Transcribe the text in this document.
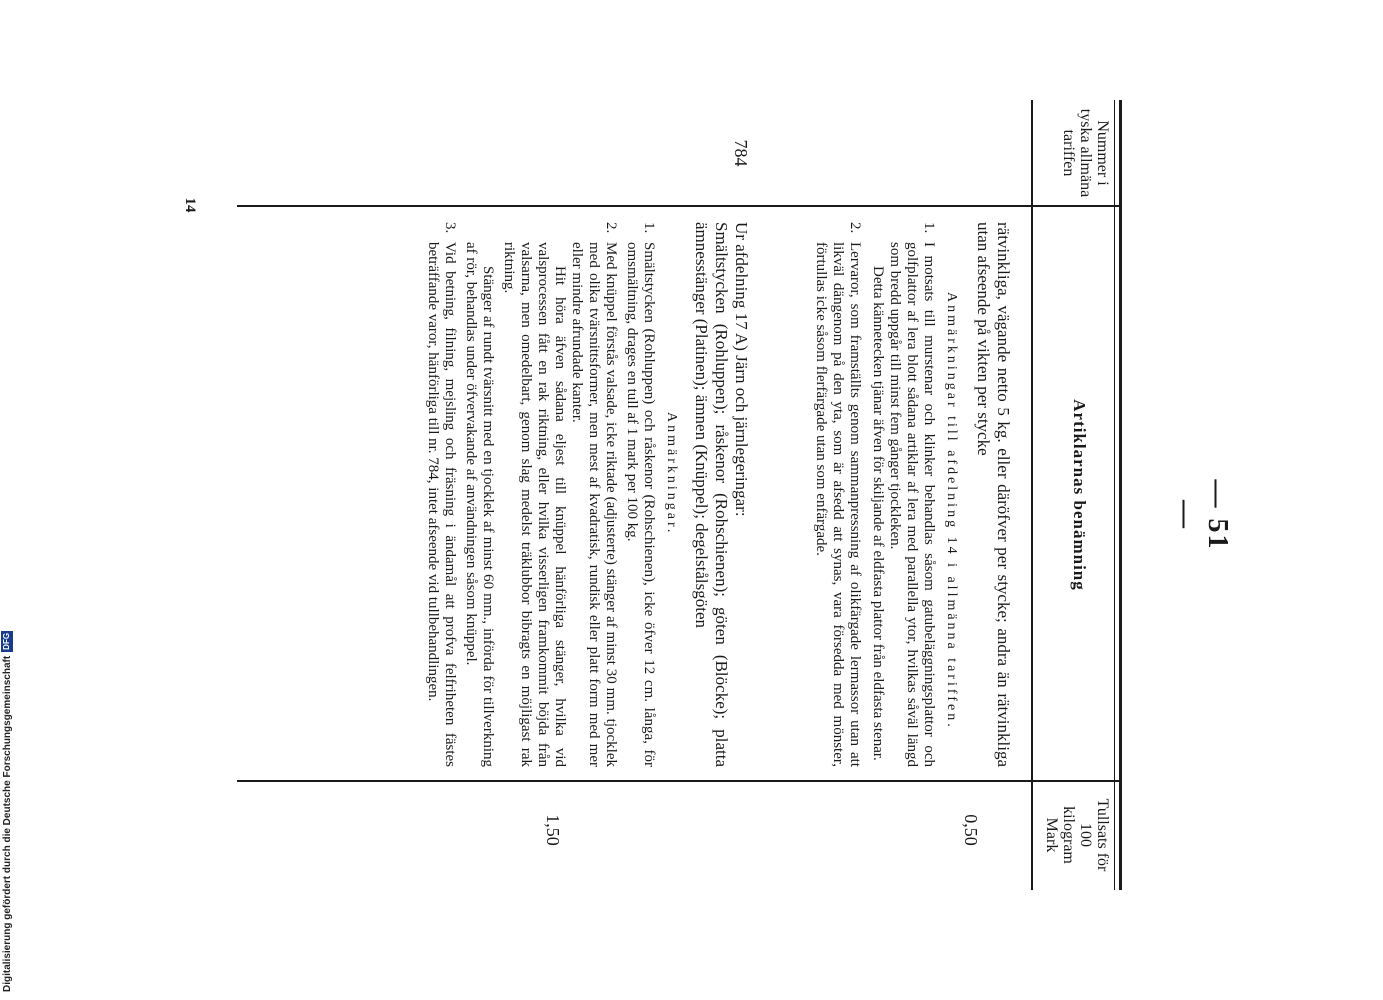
— 51 —
Nummer i tyska allmäna tariffen
Artiklarnas benämning
Tullsats för 100 kilogram Mark
rätvinkliga, vägande netto 5 kg. eller däröfver per stycke; andra än rätvinkliga utan afseende på vikten per stycke
Anmärkningar till afdelning 14 i allmänna tariffen.
1.
I motsats till murstenar och klinker behandlas såsom gatubeläggningsplattor och golfplattor af lera blott sådana artiklar af lera med parallella ytor, hvilkas såväl längd som bredd uppgår till minst fem gånger tjockleken.
Detta kännetecken tjänar äfven för skiljande af eldfasta plattor från eldfasta stenar.
2.
Lervaror, som framställts genom sammanpressning af olikfärgade lermassor utan att likväl dängenom på den yta, som är afsedd att synas, vara försedda med mönster, förtullas icke såsom flerfärgade utan som enfärgade.
0,50
784
Ur afdelning 17 A) Järn och järnlegeringar:
Smältstycken (Rohluppen); råskenor (Rohschienen); göten (Blöcke); platta ämnesstänger (Platinen); ämnen (Knüppel); degelstålsgöten
Anmärkningar.
1.
Smältstycken (Rohluppen) och råskenor (Rohschienen), icke öfver 12 cm. långa, för omsmältning, drages en tull af 1 mark per 100 kg.
2.
Med knüppel förstås valsade, icke riktade (adjusterte) stänger af minst 30 mm. tjocklek med olika tvärsnittsformer, men mest af kvadratisk, rundisk eller platt form med mer eller mindre afrundade kanter.
Hit höra äfven sådana eljest till knüppel hänförliga stänger, hvilka vid valsprocessen fått en rak riktning, eller hvilka visserligen framkommit böjda från valsarna, men omedelbart, genom slag medelst träklubbor bibragts en möjligast rak riktning.
Stänger af rundt tvärsnitt med en tjocklek af minst 60 mm., införda för tillverkning af rör, behandlas under öfvervakande af användningen såsom knüppel.
3.
Vid betning, filning, mejsling och fräsning i ändamål att profva felfriheten fästes beträffande varor, hänförliga till nr. 784, intet afseende vid tullbehandlingen.
1,50
14
Digitalisierung gefördert durch die Deutsche Forschungsgemeinschaft
DFG
